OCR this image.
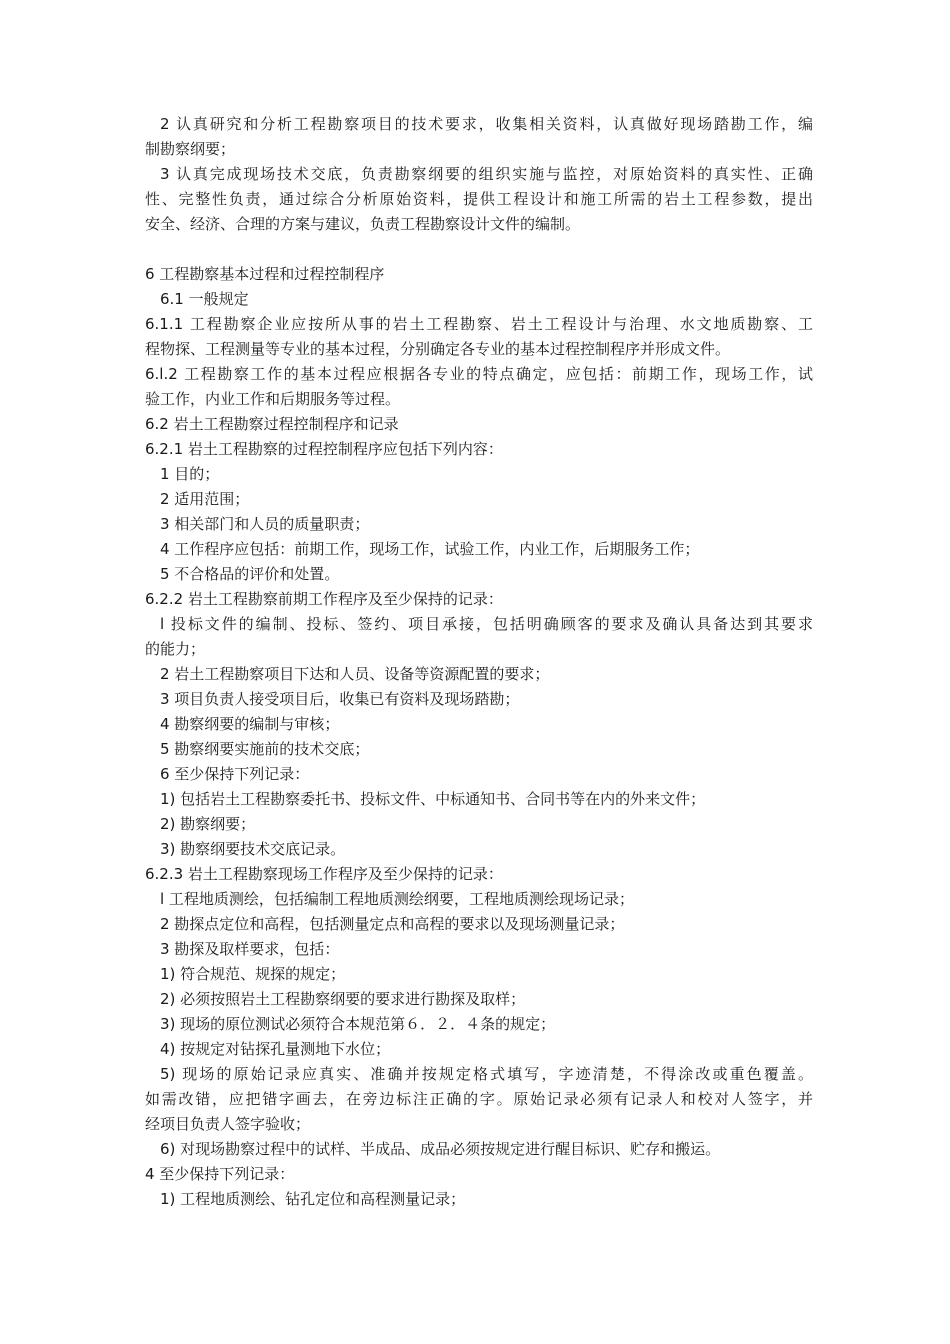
2 认真研究和分析工程勘察项目的技术要求，收集相关资料，认真做好现场踏勘工作，编

制勘察纲要；

3 认真完成现场技术交底，负责勘察纲要的组织实施与监控，对原始资料的真实性、正确

性、完整性负责，通过综合分析原始资料，提供工程设计和施工所需的岩土工程参数，提出

安全、经济、合理的方案与建议，负责工程勘察设计文件的编制。

6 工程勘察基本过程和过程控制程序

6.1 一般规定

6.1.1 工程勘察企业应按所从事的岩土工程勘察、岩土工程设计与治理、水文地质勘察、工

程物探、工程测量等专业的基本过程，分别确定各专业的基本过程控制程序并形成文件。

6.l.2 工程勘察工作的基本过程应根据各专业的特点确定，应包括：前期工作，现场工作，试

验工作，内业工作和后期服务等过程。

6.2 岩土工程勘察过程控制程序和记录

6.2.1 岩土工程勘察的过程控制程序应包括下列内容：

1 目的；

2 适用范围；

3 相关部门和人员的质量职责；

4 工作程序应包括：前期工作，现场工作，试验工作，内业工作，后期服务工作；

5 不合格品的评价和处置。

6.2.2 岩土工程勘察前期工作程序及至少保持的记录：

l 投标文件的编制、投标、签约、项目承接，包括明确顾客的要求及确认具备达到其要求

的能力；

2 岩土工程勘察项目下达和人员、设备等资源配置的要求；

3 项目负责人接受项目后，收集已有资料及现场踏勘；

4 勘察纲要的编制与审核；

5 勘察纲要实施前的技术交底；

6 至少保持下列记录：

1) 包括岩土工程勘察委托书、投标文件、中标通知书、合同书等在内的外来文件；

2) 勘察纲要；

3) 勘察纲要技术交底记录。

6.2.3 岩土工程勘察现场工作程序及至少保持的记录：

l 工程地质测绘，包括编制工程地质测绘纲要，工程地质测绘现场记录；

2 勘探点定位和高程，包括测量定点和高程的要求以及现场测量记录；

3 勘探及取样要求，包括：

1) 符合规范、规探的规定；

2) 必须按照岩土工程勘察纲要的要求进行勘探及取样；

3) 现场的原位测试必须符合本规范第６．２．４条的规定；

4) 按规定对钻探孔量测地下水位；

5) 现场的原始记录应真实、准确并按规定格式填写，字迹清楚，不得涂改或重色覆盖。

如需改错，应把错字画去，在旁边标注正确的字。原始记录必须有记录人和校对人签字，并

经项目负责人签字验收；

6) 对现场勘察过程中的试样、半成品、成品必须按规定进行醒目标识、贮存和搬运。

4 至少保持下列记录：

1) 工程地质测绘、钻孔定位和高程测量记录；
